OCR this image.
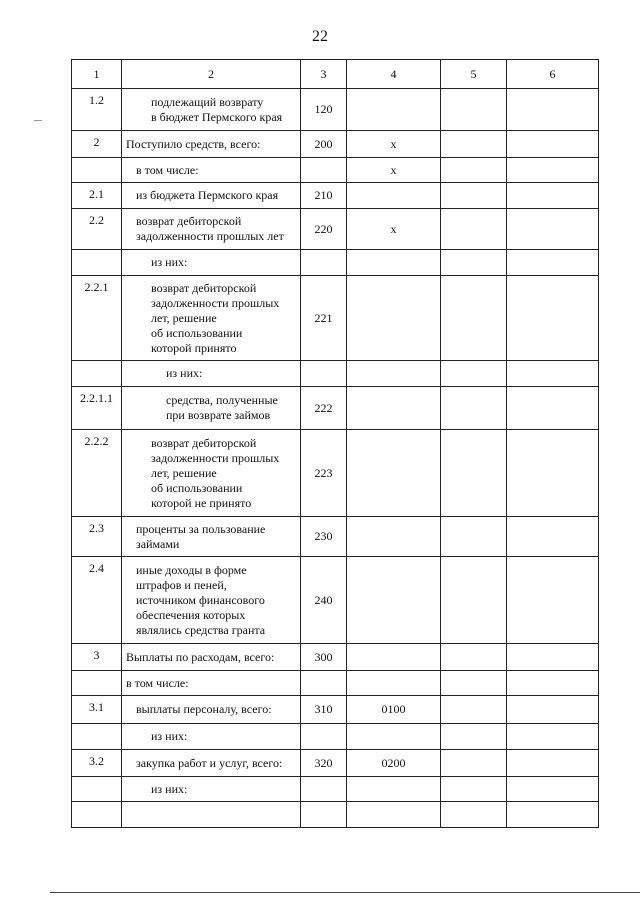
22
1	2	3	4	5	6
1.2	подлежащий возврату
в бюджет Пермского края	120			
2	Поступило средств, всего:	200	х		

	в том числе:		х		
2.1	из бюджета Пермского края	210			
2.2	возврат дебиторской
задолженности прошлых лет	220	х		

	из них:				

2.2.1	возврат дебиторской
задолженности прошлых
лет, решение
об использовании
которой принято	221			

	из них:				

2.2.1.1	средства, полученные
при возврате займов	222			
2.2.2	возврат дебиторской
задолженности прошлых
лет, решение
об использовании
которой не принято	223			
2.3	проценты за пользование
займами	230			
2.4	иные доходы в форме
штрафов и пеней,
источником финансового
обеспечения которых
являлись средства гранта	240			
3	Выплаты по расходам, всего:	300			

	в том числе:				

3.1	выплаты персоналу, всего:	310	0100		

	из них:				

3.2	закупка работ и услуг, всего:	320	0200		

	из них:				
